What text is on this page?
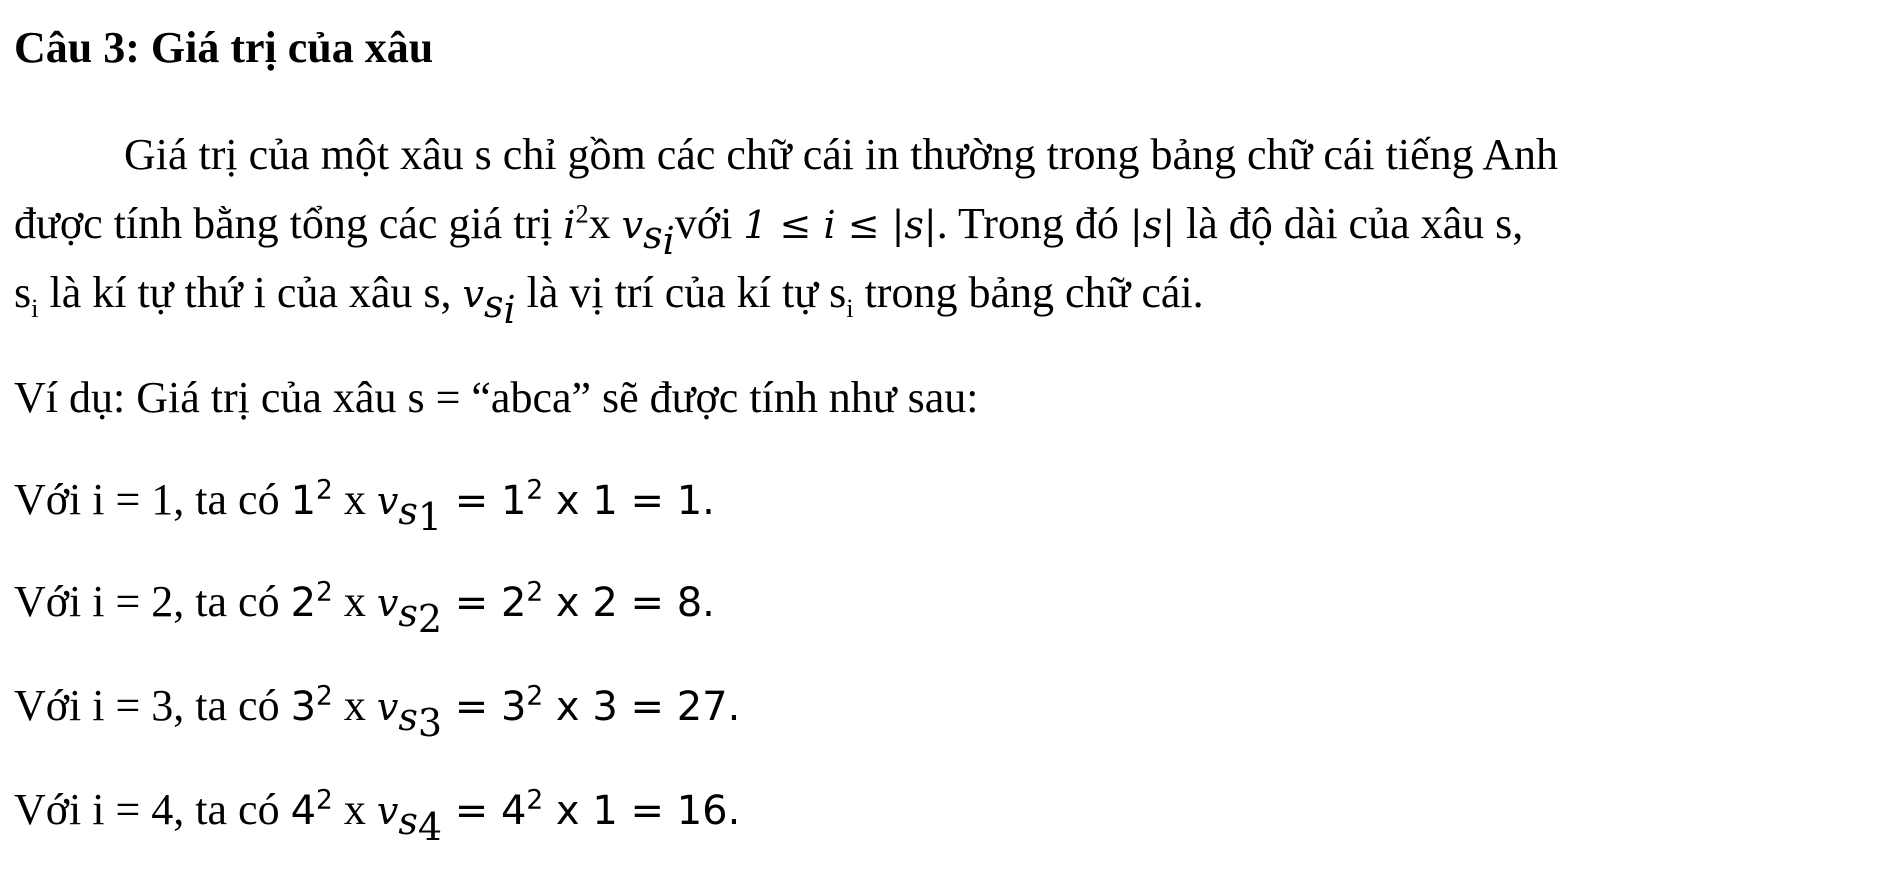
Câu 3: Giá trị của xâu
Giá trị của một xâu s chỉ gồm các chữ cái in thường trong bảng chữ cái tiếng Anh
được tính bằng tổng các giá trị $i^2x$ $v_{s_i}với$ 1 ≤ i ≤ |s|. Trong đó |s| là độ dài của xâu s,
$s_i$ là kí tự thứ i của xâu s, $v_{s_i}$ là vị trí của kí tự $s_i$ trong bảng chữ cái.
Ví dụ: Giá trị của xâu s = “abca” sẽ được tính như sau:
Với i = 1, ta có $1^2$ x $v_{s_1} = 1^2$ x 1 = 1.
Với i = 2, ta có $2^2$ x $v_{s_2} = 2^2$ x 2 = 8.
Với i = 3, ta có $3^2$ x $v_{s_3} = 3^2$ x 3 = 27.
Với i = 4, ta có $4^2$ x $v_{s_4} = 4^2$ x 1 = 16.
